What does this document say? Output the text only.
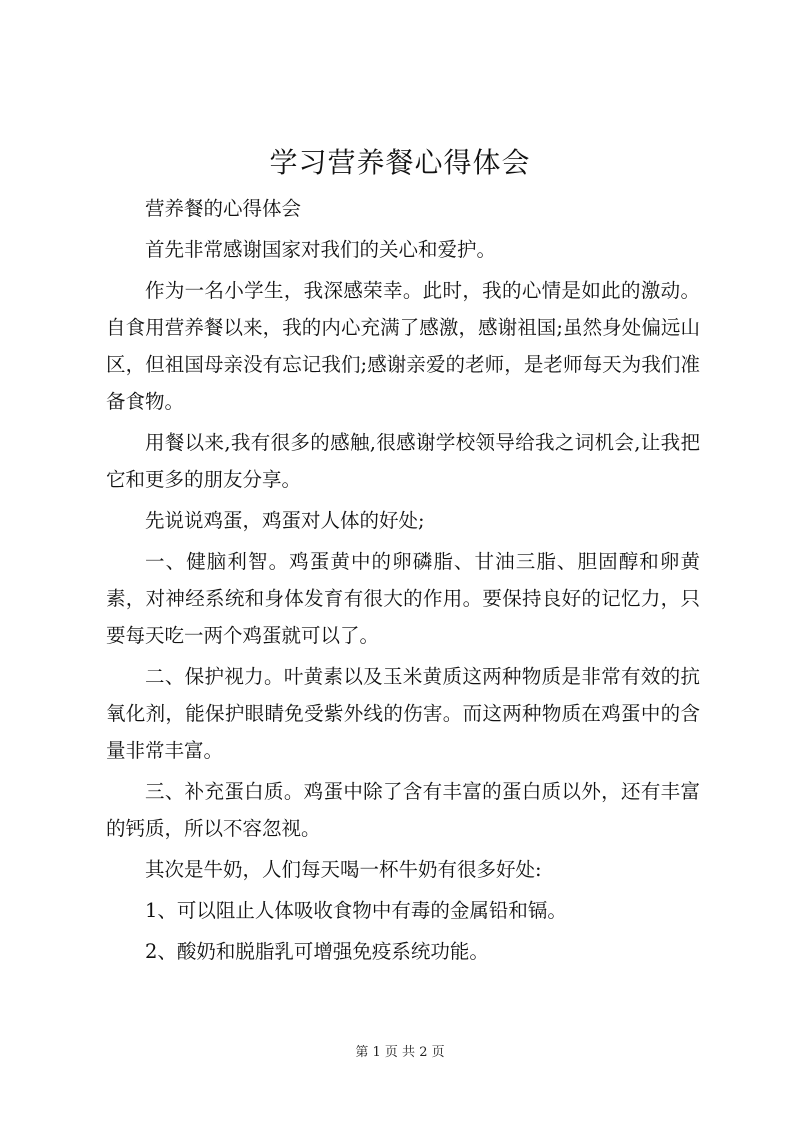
学习营养餐心得体会

营养餐的心得体会

首先非常感谢国家对我们的关心和爱护。

作为一名小学生，我深感荣幸。此时，我的心情是如此的激动。自食用营养餐以来，我的内心充满了感激，感谢祖国;虽然身处偏远山区，但祖国母亲没有忘记我们;感谢亲爱的老师，是老师每天为我们准备食物。

用餐以来,我有很多的感触,很感谢学校领导给我之词机会,让我把它和更多的朋友分享。

先说说鸡蛋，鸡蛋对人体的好处;

一、健脑利智。鸡蛋黄中的卵磷脂、甘油三脂、胆固醇和卵黄素，对神经系统和身体发育有很大的作用。要保持良好的记忆力，只要每天吃一两个鸡蛋就可以了。

二、保护视力。叶黄素以及玉米黄质这两种物质是非常有效的抗氧化剂，能保护眼睛免受紫外线的伤害。而这两种物质在鸡蛋中的含量非常丰富。

三、补充蛋白质。鸡蛋中除了含有丰富的蛋白质以外，还有丰富的钙质，所以不容忽视。

其次是牛奶，人们每天喝一杯牛奶有很多好处:

1、可以阻止人体吸收食物中有毒的金属铅和镉。

2、酸奶和脱脂乳可增强免疫系统功能。

第 1 页 共 2 页
